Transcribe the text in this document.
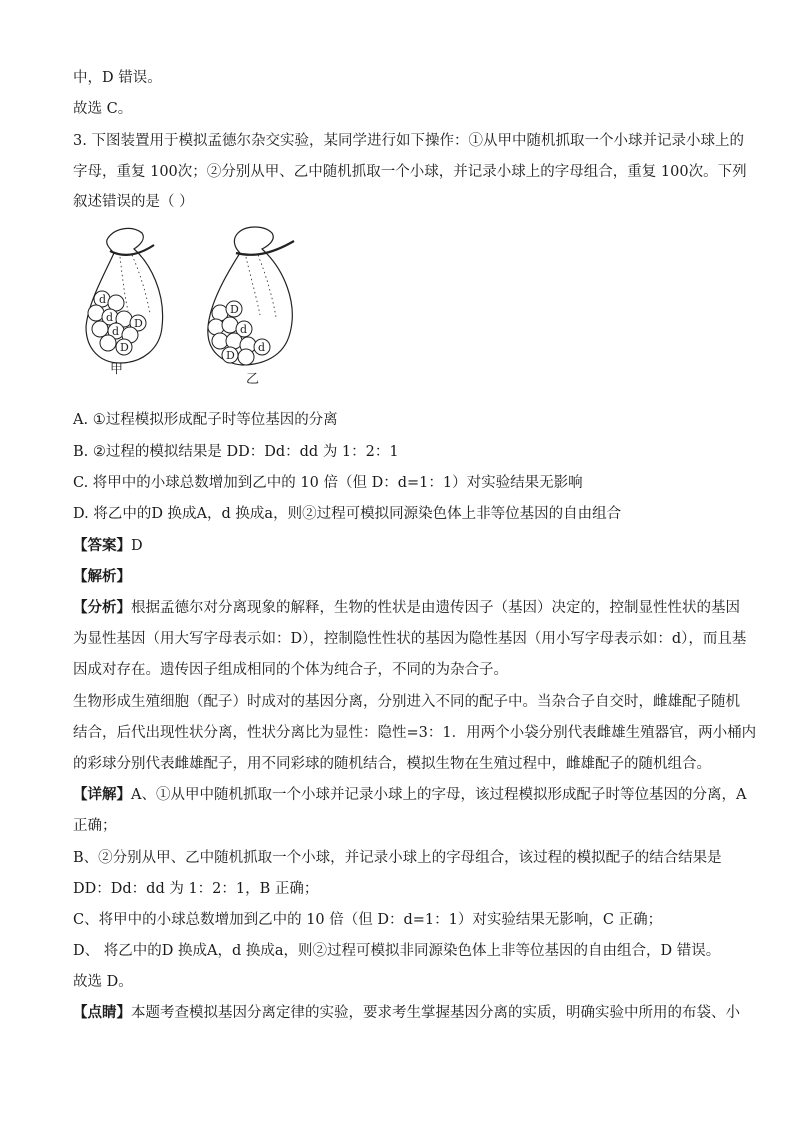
中，D 错误。
故选 C。
3. 下图装置用于模拟孟德尔杂交实验，某同学进行如下操作：①从甲中随机抓取一个小球并记录小球上的
字母，重复 100次；②分别从甲、乙中随机抓取一个小球，并记录小球上的字母组合，重复 100次。下列
叙述错误的是（ ）
d
d D
d
D
甲
D
d
d
D
乙
A. ①过程模拟形成配子时等位基因的分离
B. ②过程的模拟结果是 DD：Dd：dd 为 1：2：1
C. 将甲中的小球总数增加到乙中的 10 倍（但 D：d=1：1）对实验结果无影响
D. 将乙中的D 换成A，d 换成a，则②过程可模拟同源染色体上非等位基因的自由组合
【答案】D
【解析】
【分析】根据孟德尔对分离现象的解释，生物的性状是由遗传因子（基因）决定的，控制显性性状的基因
为显性基因（用大写字母表示如：D），控制隐性性状的基因为隐性基因（用小写字母表示如：d），而且基
因成对存在。遗传因子组成相同的个体为纯合子，不同的为杂合子。
生物形成生殖细胞（配子）时成对的基因分离，分别进入不同的配子中。当杂合子自交时，雌雄配子随机
结合，后代出现性状分离，性状分离比为显性：隐性=3：1．用两个小袋分别代表雌雄生殖器官，两小桶内
的彩球分别代表雌雄配子，用不同彩球的随机结合，模拟生物在生殖过程中，雌雄配子的随机组合。
【详解】A、①从甲中随机抓取一个小球并记录小球上的字母，该过程模拟形成配子时等位基因的分离，A
正确；
B、②分别从甲、乙中随机抓取一个小球，并记录小球上的字母组合，该过程的模拟配子的结合结果是
DD：Dd：dd 为 1：2：1，B 正确；
C、将甲中的小球总数增加到乙中的 10 倍（但 D：d=1：1）对实验结果无影响，C 正确；
D、 将乙中的D 换成A，d 换成a，则②过程可模拟非同源染色体上非等位基因的自由组合，D 错误。
故选 D。
【点睛】本题考查模拟基因分离定律的实验，要求考生掌握基因分离的实质，明确实验中所用的布袋、小
